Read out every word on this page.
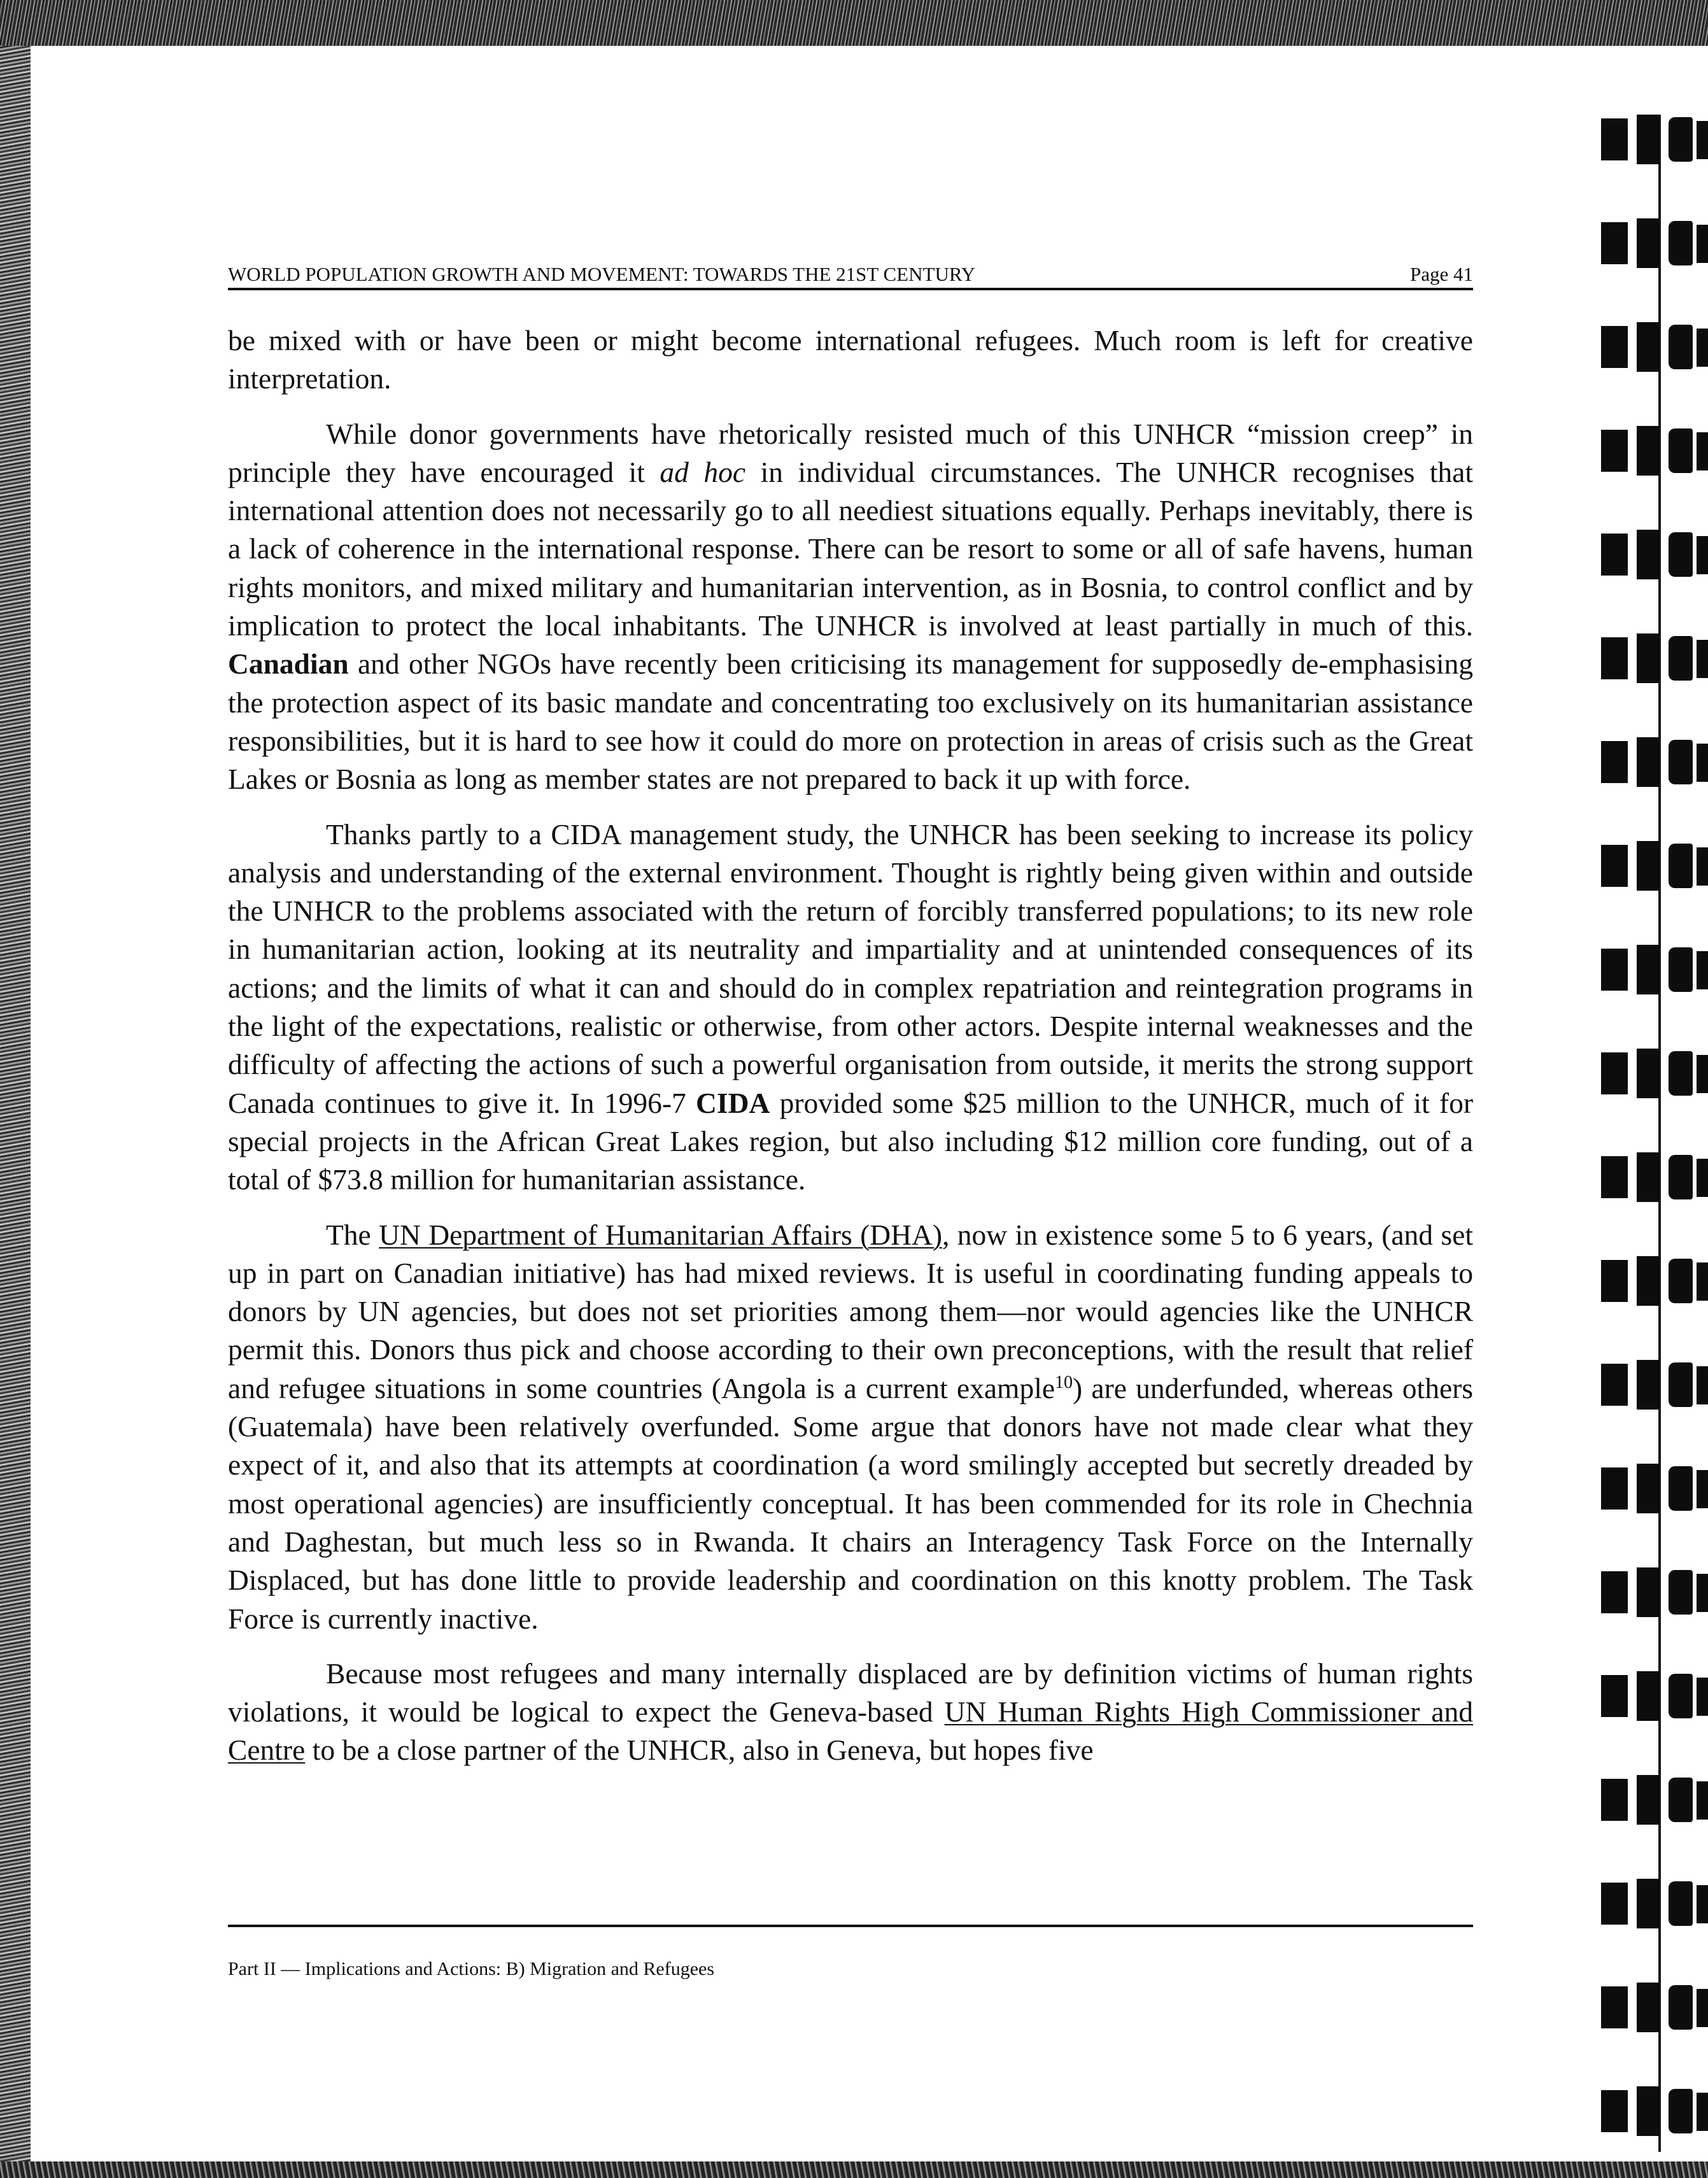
WORLD POPULATION GROWTH AND MOVEMENT: TOWARDS THE 21ST CENTURY	Page 41

be mixed with or have been or might become international refugees. Much room is left for creative interpretation.

While donor governments have rhetorically resisted much of this UNHCR “mission creep” in principle they have encouraged it ad hoc in individual circumstances. The UNHCR recognises that international attention does not necessarily go to all neediest situations equally. Perhaps inevitably, there is a lack of coherence in the international response. There can be resort to some or all of safe havens, human rights monitors, and mixed military and humanitarian intervention, as in Bosnia, to control conflict and by implication to protect the local inhabitants. The UNHCR is involved at least partially in much of this. Canadian and other NGOs have recently been criticising its management for supposedly de-emphasising the protection aspect of its basic mandate and concentrating too exclusively on its humanitarian assistance responsibilities, but it is hard to see how it could do more on protection in areas of crisis such as the Great Lakes or Bosnia as long as member states are not prepared to back it up with force.

Thanks partly to a CIDA management study, the UNHCR has been seeking to increase its policy analysis and understanding of the external environment. Thought is rightly being given within and outside the UNHCR to the problems associated with the return of forcibly transferred populations; to its new role in humanitarian action, looking at its neutrality and impartiality and at unintended consequences of its actions; and the limits of what it can and should do in complex repatriation and reintegration programs in the light of the expectations, realistic or otherwise, from other actors. Despite internal weaknesses and the difficulty of affecting the actions of such a powerful organisation from outside, it merits the strong support Canada continues to give it. In 1996-7 CIDA provided some $25 million to the UNHCR, much of it for special projects in the African Great Lakes region, but also including $12 million core funding, out of a total of $73.8 million for humanitarian assistance.

The UN Department of Humanitarian Affairs (DHA), now in existence some 5 to 6 years, (and set up in part on Canadian initiative) has had mixed reviews. It is useful in coordinating funding appeals to donors by UN agencies, but does not set priorities among them—nor would agencies like the UNHCR permit this. Donors thus pick and choose according to their own preconceptions, with the result that relief and refugee situations in some countries (Angola is a current example$^{10}$) are underfunded, whereas others (Guatemala) have been relatively overfunded. Some argue that donors have not made clear what they expect of it, and also that its attempts at coordination (a word smilingly accepted but secretly dreaded by most operational agencies) are insufficiently conceptual. It has been commended for its role in Chechnia and Daghestan, but much less so in Rwanda. It chairs an Interagency Task Force on the Internally Displaced, but has done little to provide leadership and coordination on this knotty problem. The Task Force is currently inactive.

Because most refugees and many internally displaced are by definition victims of human rights violations, it would be logical to expect the Geneva-based UN Human Rights High Commissioner and Centre to be a close partner of the UNHCR, also in Geneva, but hopes five

Part II — Implications and Actions: B) Migration and Refugees
